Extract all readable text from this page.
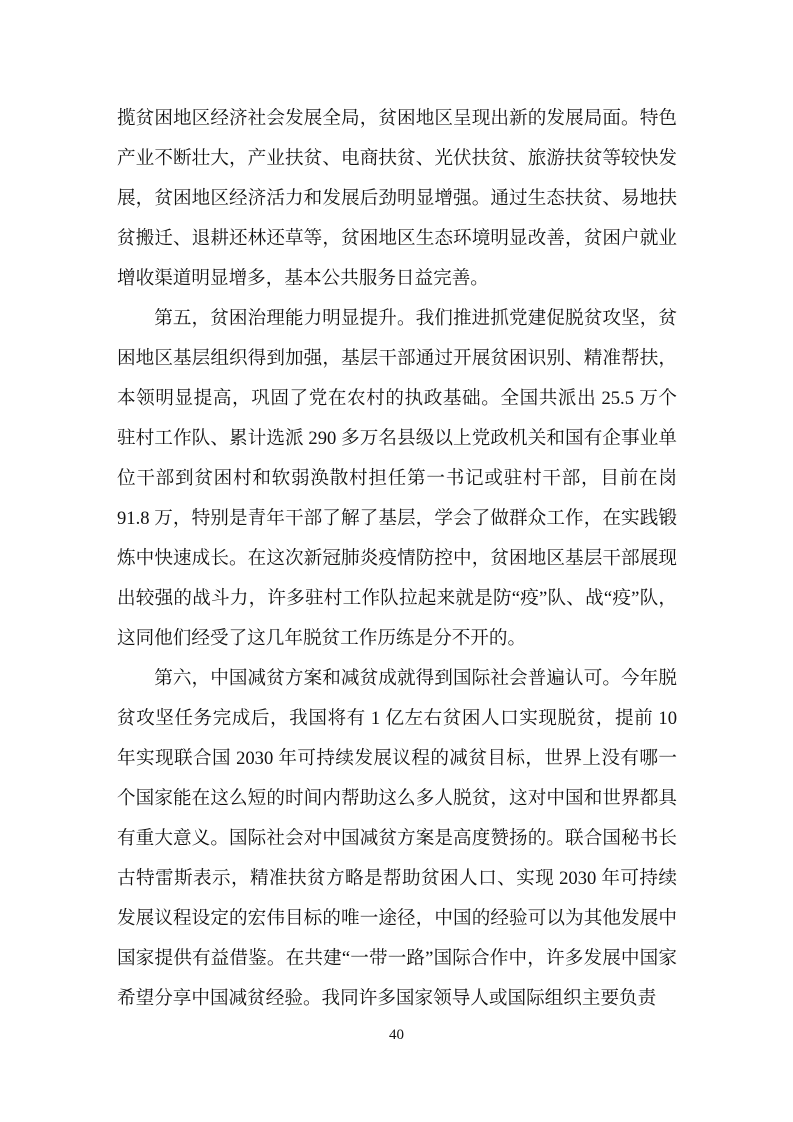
揽贫困地区经济社会发展全局，贫困地区呈现出新的发展局面。特色产业不断壮大，产业扶贫、电商扶贫、光伏扶贫、旅游扶贫等较快发展，贫困地区经济活力和发展后劲明显增强。通过生态扶贫、易地扶贫搬迁、退耕还林还草等，贫困地区生态环境明显改善，贫困户就业增收渠道明显增多，基本公共服务日益完善。

第五，贫困治理能力明显提升。我们推进抓党建促脱贫攻坚，贫困地区基层组织得到加强，基层干部通过开展贫困识别、精准帮扶，本领明显提高，巩固了党在农村的执政基础。全国共派出 25.5 万个驻村工作队、累计选派 290 多万名县级以上党政机关和国有企事业单位干部到贫困村和软弱涣散村担任第一书记或驻村干部，目前在岗 91.8 万，特别是青年干部了解了基层，学会了做群众工作，在实践锻炼中快速成长。在这次新冠肺炎疫情防控中，贫困地区基层干部展现出较强的战斗力，许多驻村工作队拉起来就是防“疫”队、战“疫”队，这同他们经受了这几年脱贫工作历练是分不开的。

第六，中国减贫方案和减贫成就得到国际社会普遍认可。今年脱贫攻坚任务完成后，我国将有 1 亿左右贫困人口实现脱贫，提前 10 年实现联合国 2030 年可持续发展议程的减贫目标，世界上没有哪一个国家能在这么短的时间内帮助这么多人脱贫，这对中国和世界都具有重大意义。国际社会对中国减贫方案是高度赞扬的。联合国秘书长古特雷斯表示，精准扶贫方略是帮助贫困人口、实现 2030 年可持续发展议程设定的宏伟目标的唯一途径，中国的经验可以为其他发展中国家提供有益借鉴。在共建“一带一路”国际合作中，许多发展中国家希望分享中国减贫经验。我同许多国家领导人或国际组织主要负责

40
